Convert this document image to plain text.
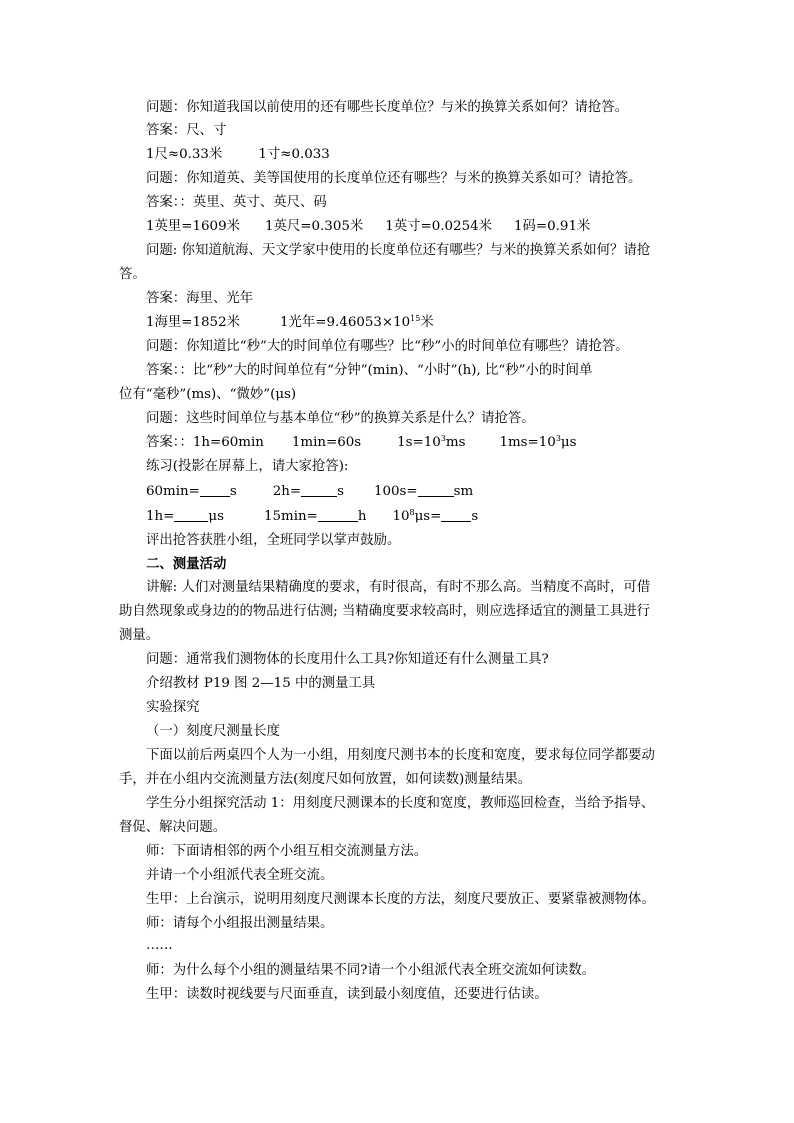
问题：你知道我国以前使用的还有哪些长度单位？与米的换算关系如何？请抢答。
答案：尺、寸
1尺≈0.33米	1寸≈0.033
问题：你知道英、美等国使用的长度单位还有哪些？与米的换算关系如可？请抢答。
答案：：英里、英寸、英尺、码
1英里=1609米 1英尺=0.305米 1英寸=0.0254米 1码=0.91米
问题: 你知道航海、天文学家中使用的长度单位还有哪些？与米的换算关系如何？请抢
答。
答案：海里、光年
1海里=1852米	1光年$=9.46053\times 10^{15}$米
问题：你知道比“秒”大的时间单位有哪些？比“秒”小的时间单位有哪些？请抢答。
答案：：比“秒”大的时间单位有“分钟”(min)、“小时”(h), 比“秒”小的时间单
位有“毫秒”(ms)、“微妙”(μs)
问题：这些时间单位与基本单位“秒”的换算关系是什么？请抢答。
答案：：1h=60min 1min=60s	$1s=10^3ms$	$1ms=10^3\mu s$
练习(投影在屏幕上，请大家抢答):
60min= s	2h=	s 100s=	sm
1h=	μs	15min=	h $10^8\mu s= s$
评出抢答获胜小组，全班同学以掌声鼓励。
二、测量活动
讲解: 人们对测量结果精确度的要求，有时很高，有时不那么高。当精度不高时，可借
助自然现象或身边的的物品进行估测; 当精确度要求较高时，则应选择适宜的测量工具进行
测量。
问题：通常我们测物体的长度用什么工具?你知道还有什么测量工具?
介绍教材 P19 图 2—15 中的测量工具
实验探究
（一）刻度尺测量长度
下面以前后两桌四个人为一小组，用刻度尺测书本的长度和宽度，要求每位同学都要动
手，并在小组内交流测量方法(刻度尺如何放置，如何读数)测量结果。
学生分小组探究活动 1：用刻度尺测课本的长度和宽度，教师巡回检查，当给予指导、
督促、解决问题。
师：下面请相邻的两个小组互相交流测量方法。
并请一个小组派代表全班交流。
生甲：上台演示，说明用刻度尺测课本长度的方法，刻度尺要放正、要紧靠被测物体。
师：请每个小组报出测量结果。
……
师：为什么每个小组的测量结果不同?请一个小组派代表全班交流如何读数。
生甲：读数时视线要与尺面垂直，读到最小刻度值，还要进行估读。
